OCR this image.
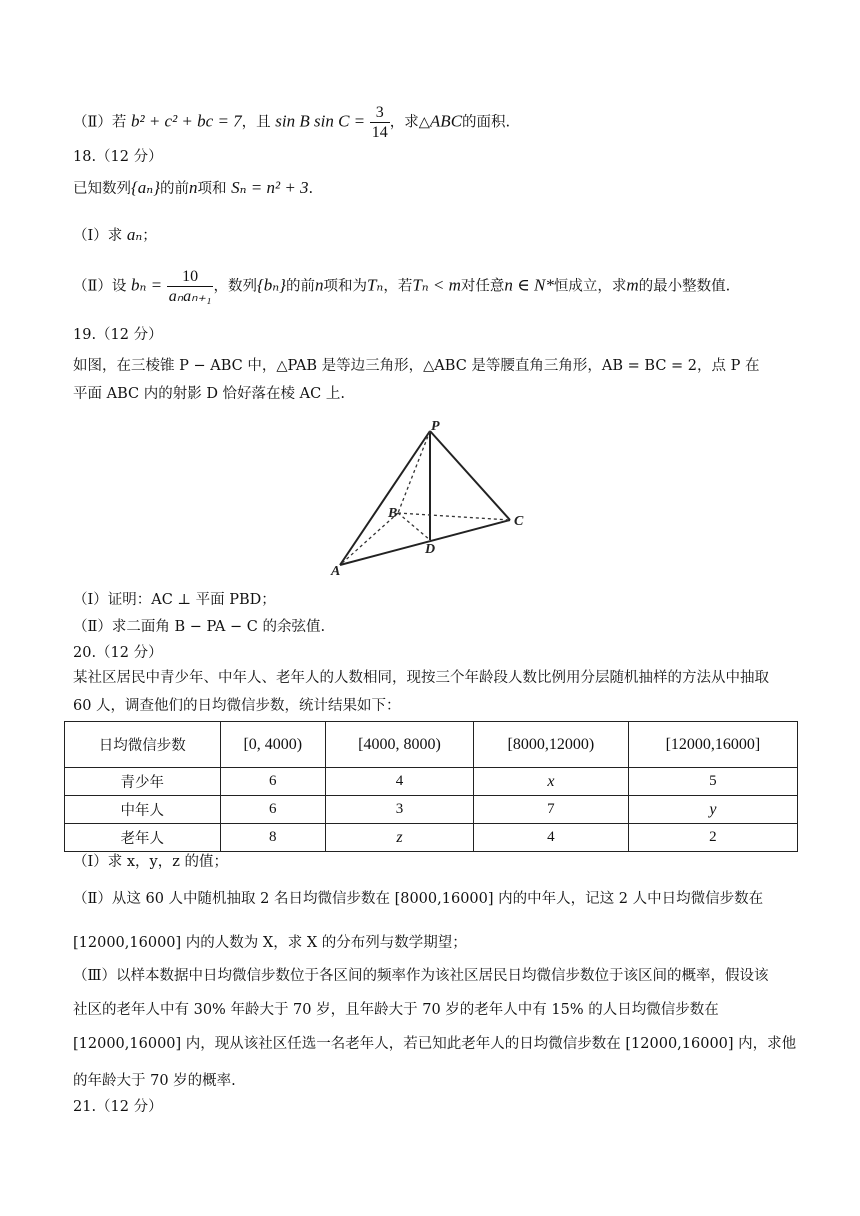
（Ⅱ）若 b² + c² + bc = 7，且 sin B $\sin C = \frac{3}{14}$ ，求△ABC的面积.
18.（12 分）
已知数列{aₙ}的前n项和 Sₙ = n² + 3.
（Ⅰ）求 aₙ；
（Ⅱ）设 $b_n = \frac{10}{\text{aₙaₙ₊₁}}$ ，数列{bₙ}的前n项和为Tₙ，若Tₙ < m对任意n ∈ N*恒成立，求m的最小整数值.
19.（12 分）
如图，在三棱锥 P − ABC 中，△PAB 是等边三角形，△ABC 是等腰直角三角形，AB = BC = 2，点 P 在
平面 ABC 内的射影 D 恰好落在棱 AC 上.
P
A
B
C
D
（Ⅰ）证明：AC ⊥ 平面 PBD；
（Ⅱ）求二面角 B − PA − C 的余弦值.
20.（12 分）
某社区居民中青少年、中年人、老年人的人数相同，现按三个年龄段人数比例用分层随机抽样的方法从中抽取
60 人，调查他们的日均微信步数，统计结果如下：
日均微信步数	[0, 4000)	[4000, 8000)	[8000,12000)	[12000,16000]
青少年	6	4	x	5
中年人	6	3	7	y
老年人	8	z	4	2
（Ⅰ）求 x，y，z 的值；
（Ⅱ）从这 60 人中随机抽取 2 名日均微信步数在 [8000,16000] 内的中年人，记这 2 人中日均微信步数在
[12000,16000] 内的人数为 X，求 X 的分布列与数学期望；
（Ⅲ）以样本数据中日均微信步数位于各区间的频率作为该社区居民日均微信步数位于该区间的概率，假设该
社区的老年人中有 30% 年龄大于 70 岁，且年龄大于 70 岁的老年人中有 15% 的人日均微信步数在
[12000,16000] 内，现从该社区任选一名老年人，若已知此老年人的日均微信步数在 [12000,16000] 内，求他
的年龄大于 70 岁的概率.
21.（12 分）
